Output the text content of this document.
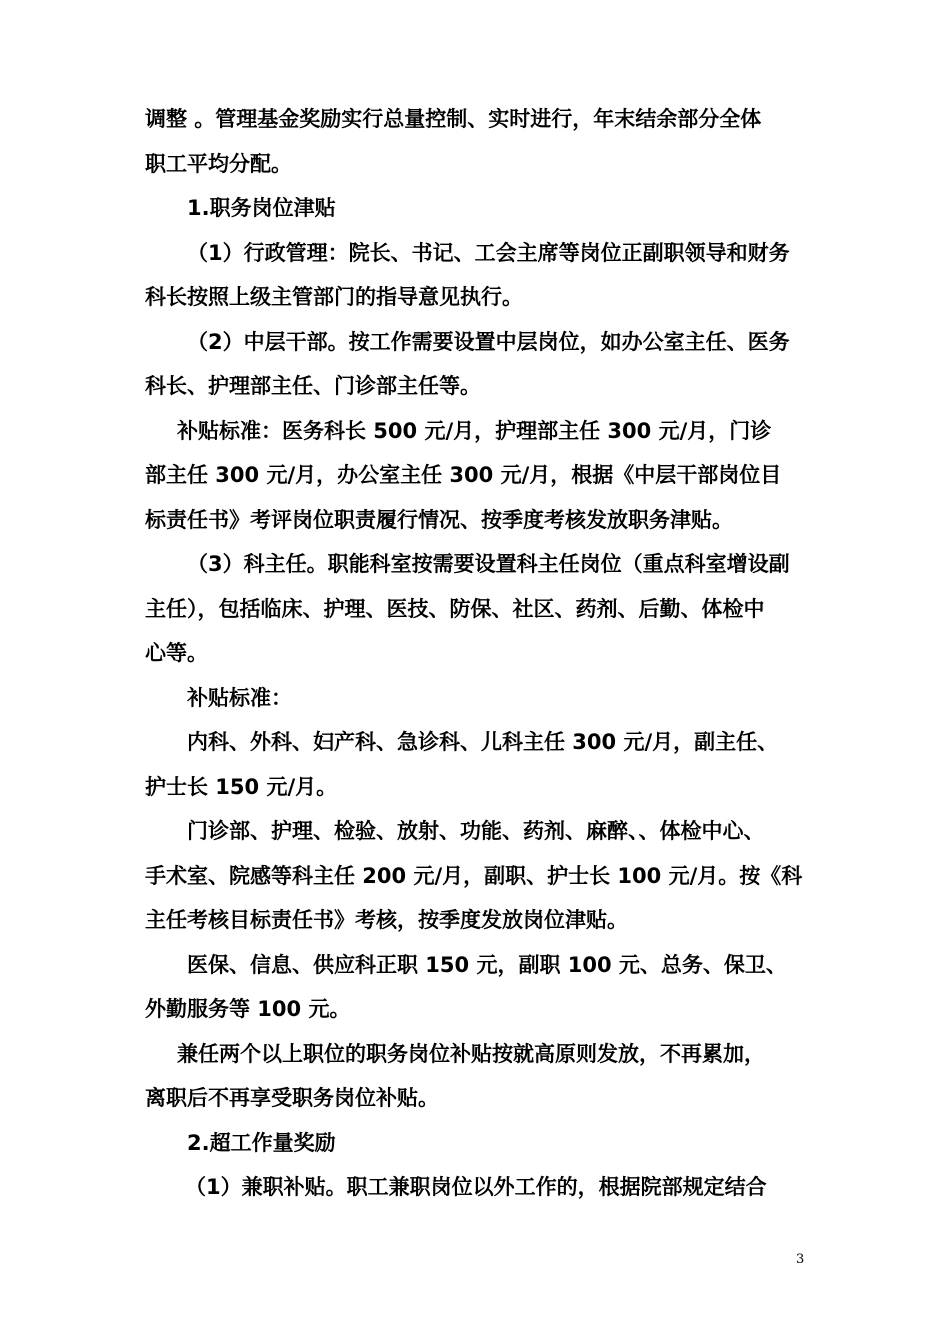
调整 。管理基金奖励实行总量控制、实时进行，年末结余部分全体

职工平均分配。

1.职务岗位津贴

（1）行政管理：院长、书记、工会主席等岗位正副职领导和财务

科长按照上级主管部门的指导意见执行。

（2）中层干部。按工作需要设置中层岗位，如办公室主任、医务

科长、护理部主任、门诊部主任等。

补贴标准：医务科长 500 元/月，护理部主任 300 元/月，门诊

部主任 300 元/月，办公室主任 300 元/月，根据《中层干部岗位目

标责任书》考评岗位职责履行情况、按季度考核发放职务津贴。

（3）科主任。职能科室按需要设置科主任岗位（重点科室增设副

主任），包括临床、护理、医技、防保、社区、药剂、后勤、体检中

心等。

补贴标准：

内科、外科、妇产科、急诊科、儿科主任 300 元/月，副主任、

护士长 150 元/月。

门诊部、护理、检验、放射、功能、药剂、麻醉、、体检中心、

手术室、院感等科主任 200 元/月，副职、护士长 100 元/月。按《科

主任考核目标责任书》考核，按季度发放岗位津贴。

医保、信息、供应科正职 150 元，副职 100 元、总务、保卫、

外勤服务等 100 元。

兼任两个以上职位的职务岗位补贴按就高原则发放，不再累加，

离职后不再享受职务岗位补贴。

2.超工作量奖励

（1）兼职补贴。职工兼职岗位以外工作的，根据院部规定结合

3
